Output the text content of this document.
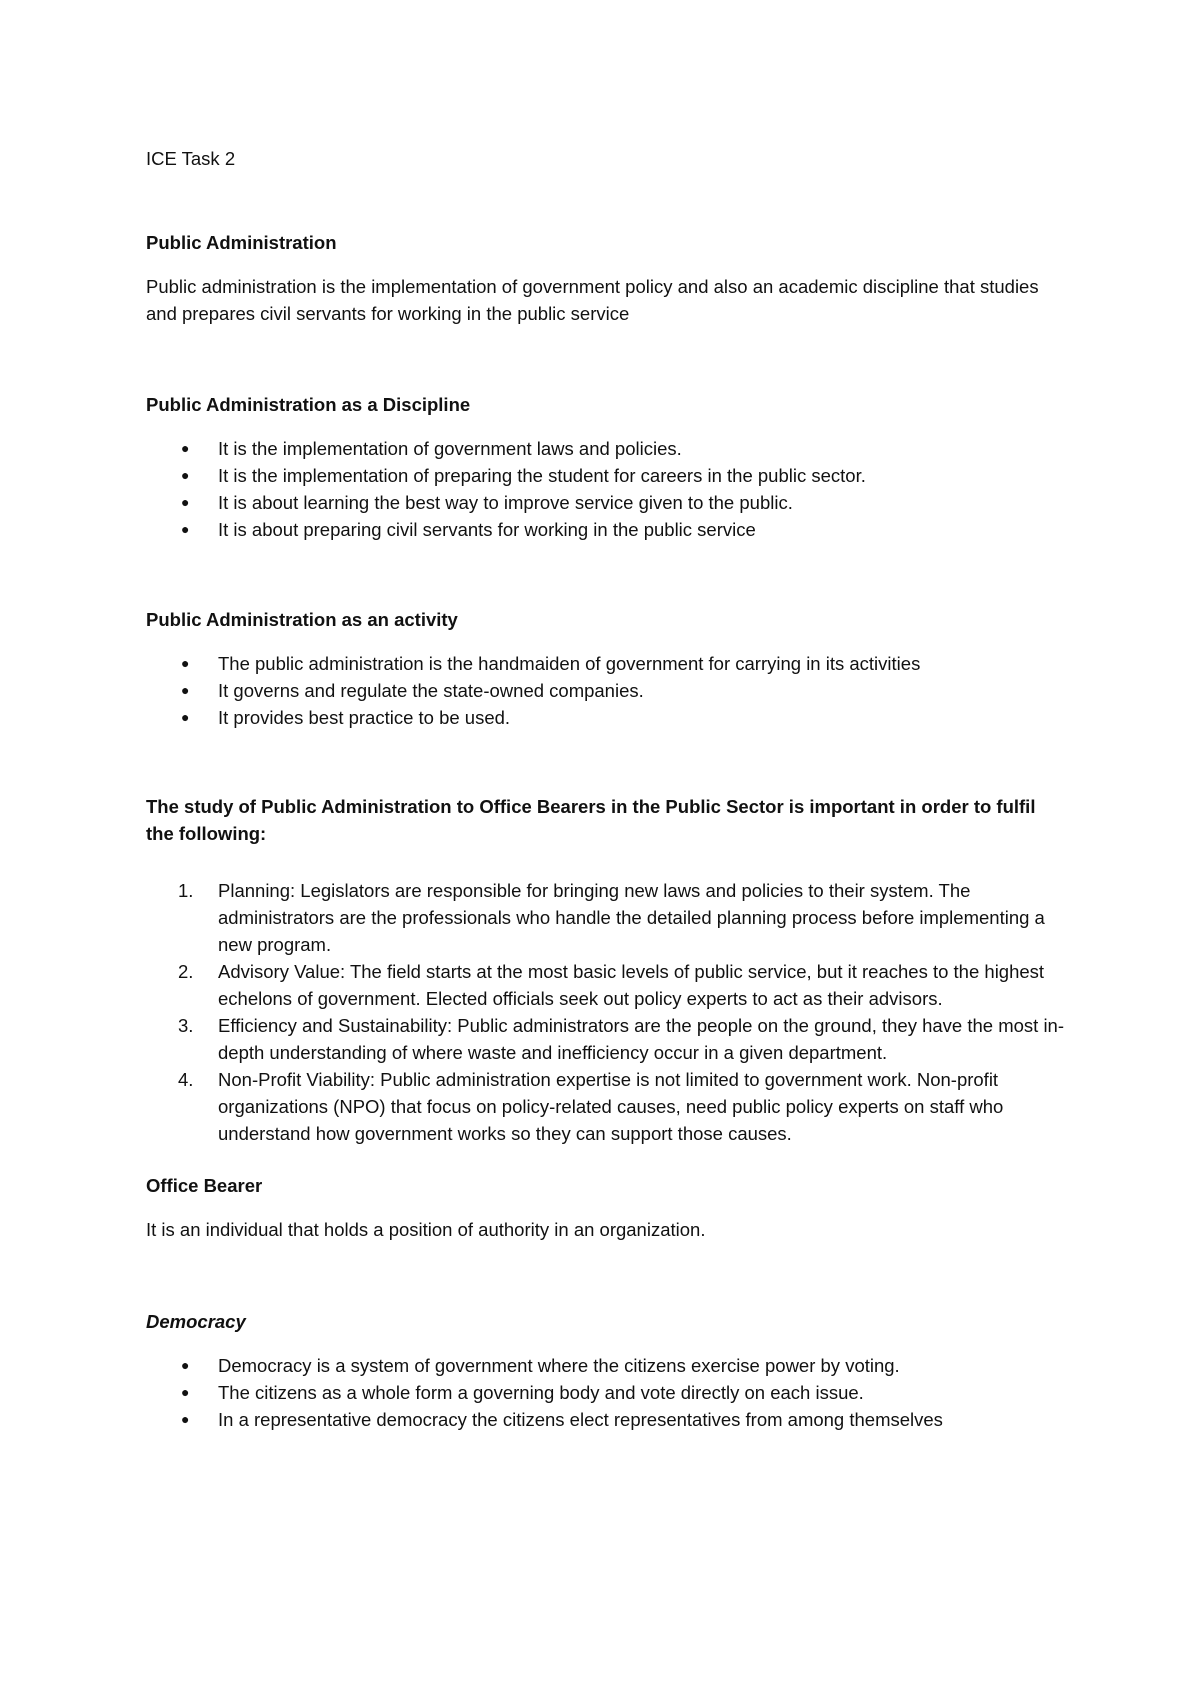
ICE Task 2

Public Administration

Public administration is the implementation of government policy and also an academic discipline that studies and prepares civil servants for working in the public service

Public Administration as a Discipline

● It is the implementation of government laws and policies.
● It is the implementation of preparing the student for careers in the public sector.
● It is about learning the best way to improve service given to the public.
● It is about preparing civil servants for working in the public service

Public Administration as an activity

● The public administration is the handmaiden of government for carrying in its activities
● It governs and regulate the state-owned companies.
● It provides best practice to be used.

The study of Public Administration to Office Bearers in the Public Sector is important in order to fulfil the following:

1. Planning: Legislators are responsible for bringing new laws and policies to their system. The administrators are the professionals who handle the detailed planning process before implementing a new program.
2. Advisory Value: The field starts at the most basic levels of public service, but it reaches to the highest echelons of government. Elected officials seek out policy experts to act as their advisors.
3. Efficiency and Sustainability: Public administrators are the people on the ground, they have the most in-depth understanding of where waste and inefficiency occur in a given department.
4. Non-Profit Viability: Public administration expertise is not limited to government work. Non-profit organizations (NPO) that focus on policy-related causes, need public policy experts on staff who understand how government works so they can support those causes.

Office Bearer

It is an individual that holds a position of authority in an organization.

Democracy

● Democracy is a system of government where the citizens exercise power by voting.
● The citizens as a whole form a governing body and vote directly on each issue.
● In a representative democracy the citizens elect representatives from among themselves
